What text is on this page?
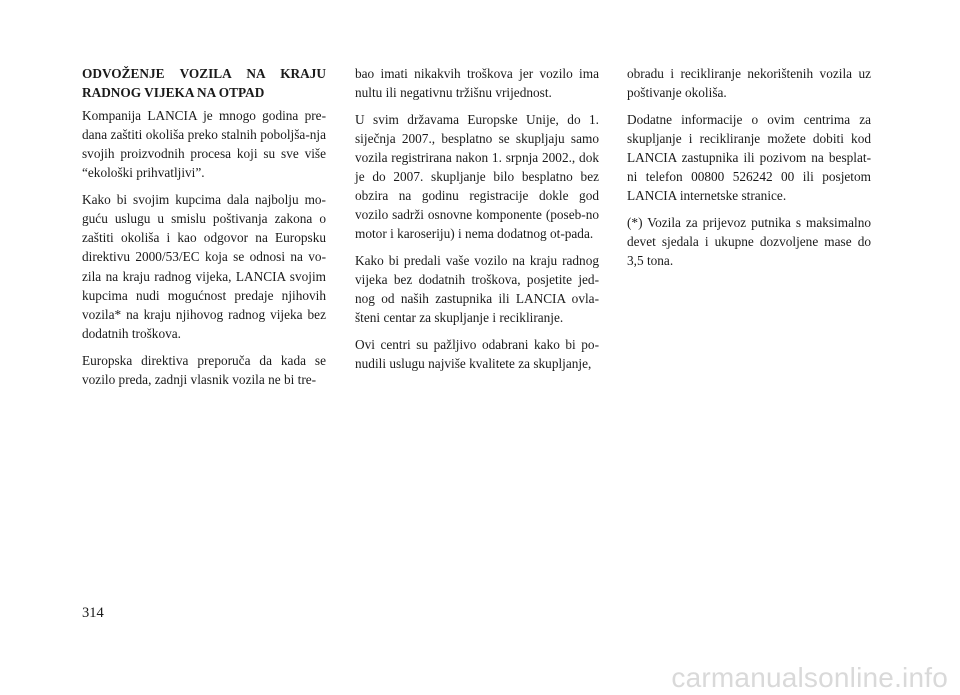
ODVOŽENJE VOZILA NA KRAJU
RADNOG VIJEKA NA OTPAD

Kompanija LANCIA je mnogo godina pre-dana zaštiti okoliša preko stalnih poboljša-nja svojih proizvodnih procesa koji su sve više “ekološki prihvatljivi”.

Kako bi svojim kupcima dala najbolju mo-guću uslugu u smislu poštivanja zakona o zaštiti okoliša i kao odgovor na Europsku direktivu 2000/53/EC koja se odnosi na vo-zila na kraju radnog vijeka, LANCIA svojim kupcima nudi mogućnost predaje njihovih vozila* na kraju njihovog radnog vijeka bez dodatnih troškova.

Europska direktiva preporuča da kada se vozilo preda, zadnji vlasnik vozila ne bi tre-

bao imati nikakvih troškova jer vozilo ima nultu ili negativnu tržišnu vrijednost.

U svim državama Europske Unije, do 1. siječnja 2007., besplatno se skupljaju samo vozila registrirana nakon 1. srpnja 2002., dok je do 2007. skupljanje bilo besplatno bez obzira na godinu registracije dokle god vozilo sadrži osnovne komponente (poseb-no motor i karoseriju) i nema dodatnog ot-pada.

Kako bi predali vaše vozilo na kraju radnog vijeka bez dodatnih troškova, posjetite jed-nog od naših zastupnika ili LANCIA ovla-šteni centar za skupljanje i recikliranje.

Ovi centri su pažljivo odabrani kako bi po-nudili uslugu najviše kvalitete za skupljanje,

obradu i recikliranje nekorištenih vozila uz poštivanje okoliša.

Dodatne informacije o ovim centrima za skupljanje i recikliranje možete dobiti kod LANCIA zastupnika ili pozivom na besplat-ni telefon 00800 526242 00 ili posjetom LANCIA internetske stranice.

(*) Vozila za prijevoz putnika s maksimalno devet sjedala i ukupne dozvoljene mase do 3,5 tona.

314
carmanualsonline.info
